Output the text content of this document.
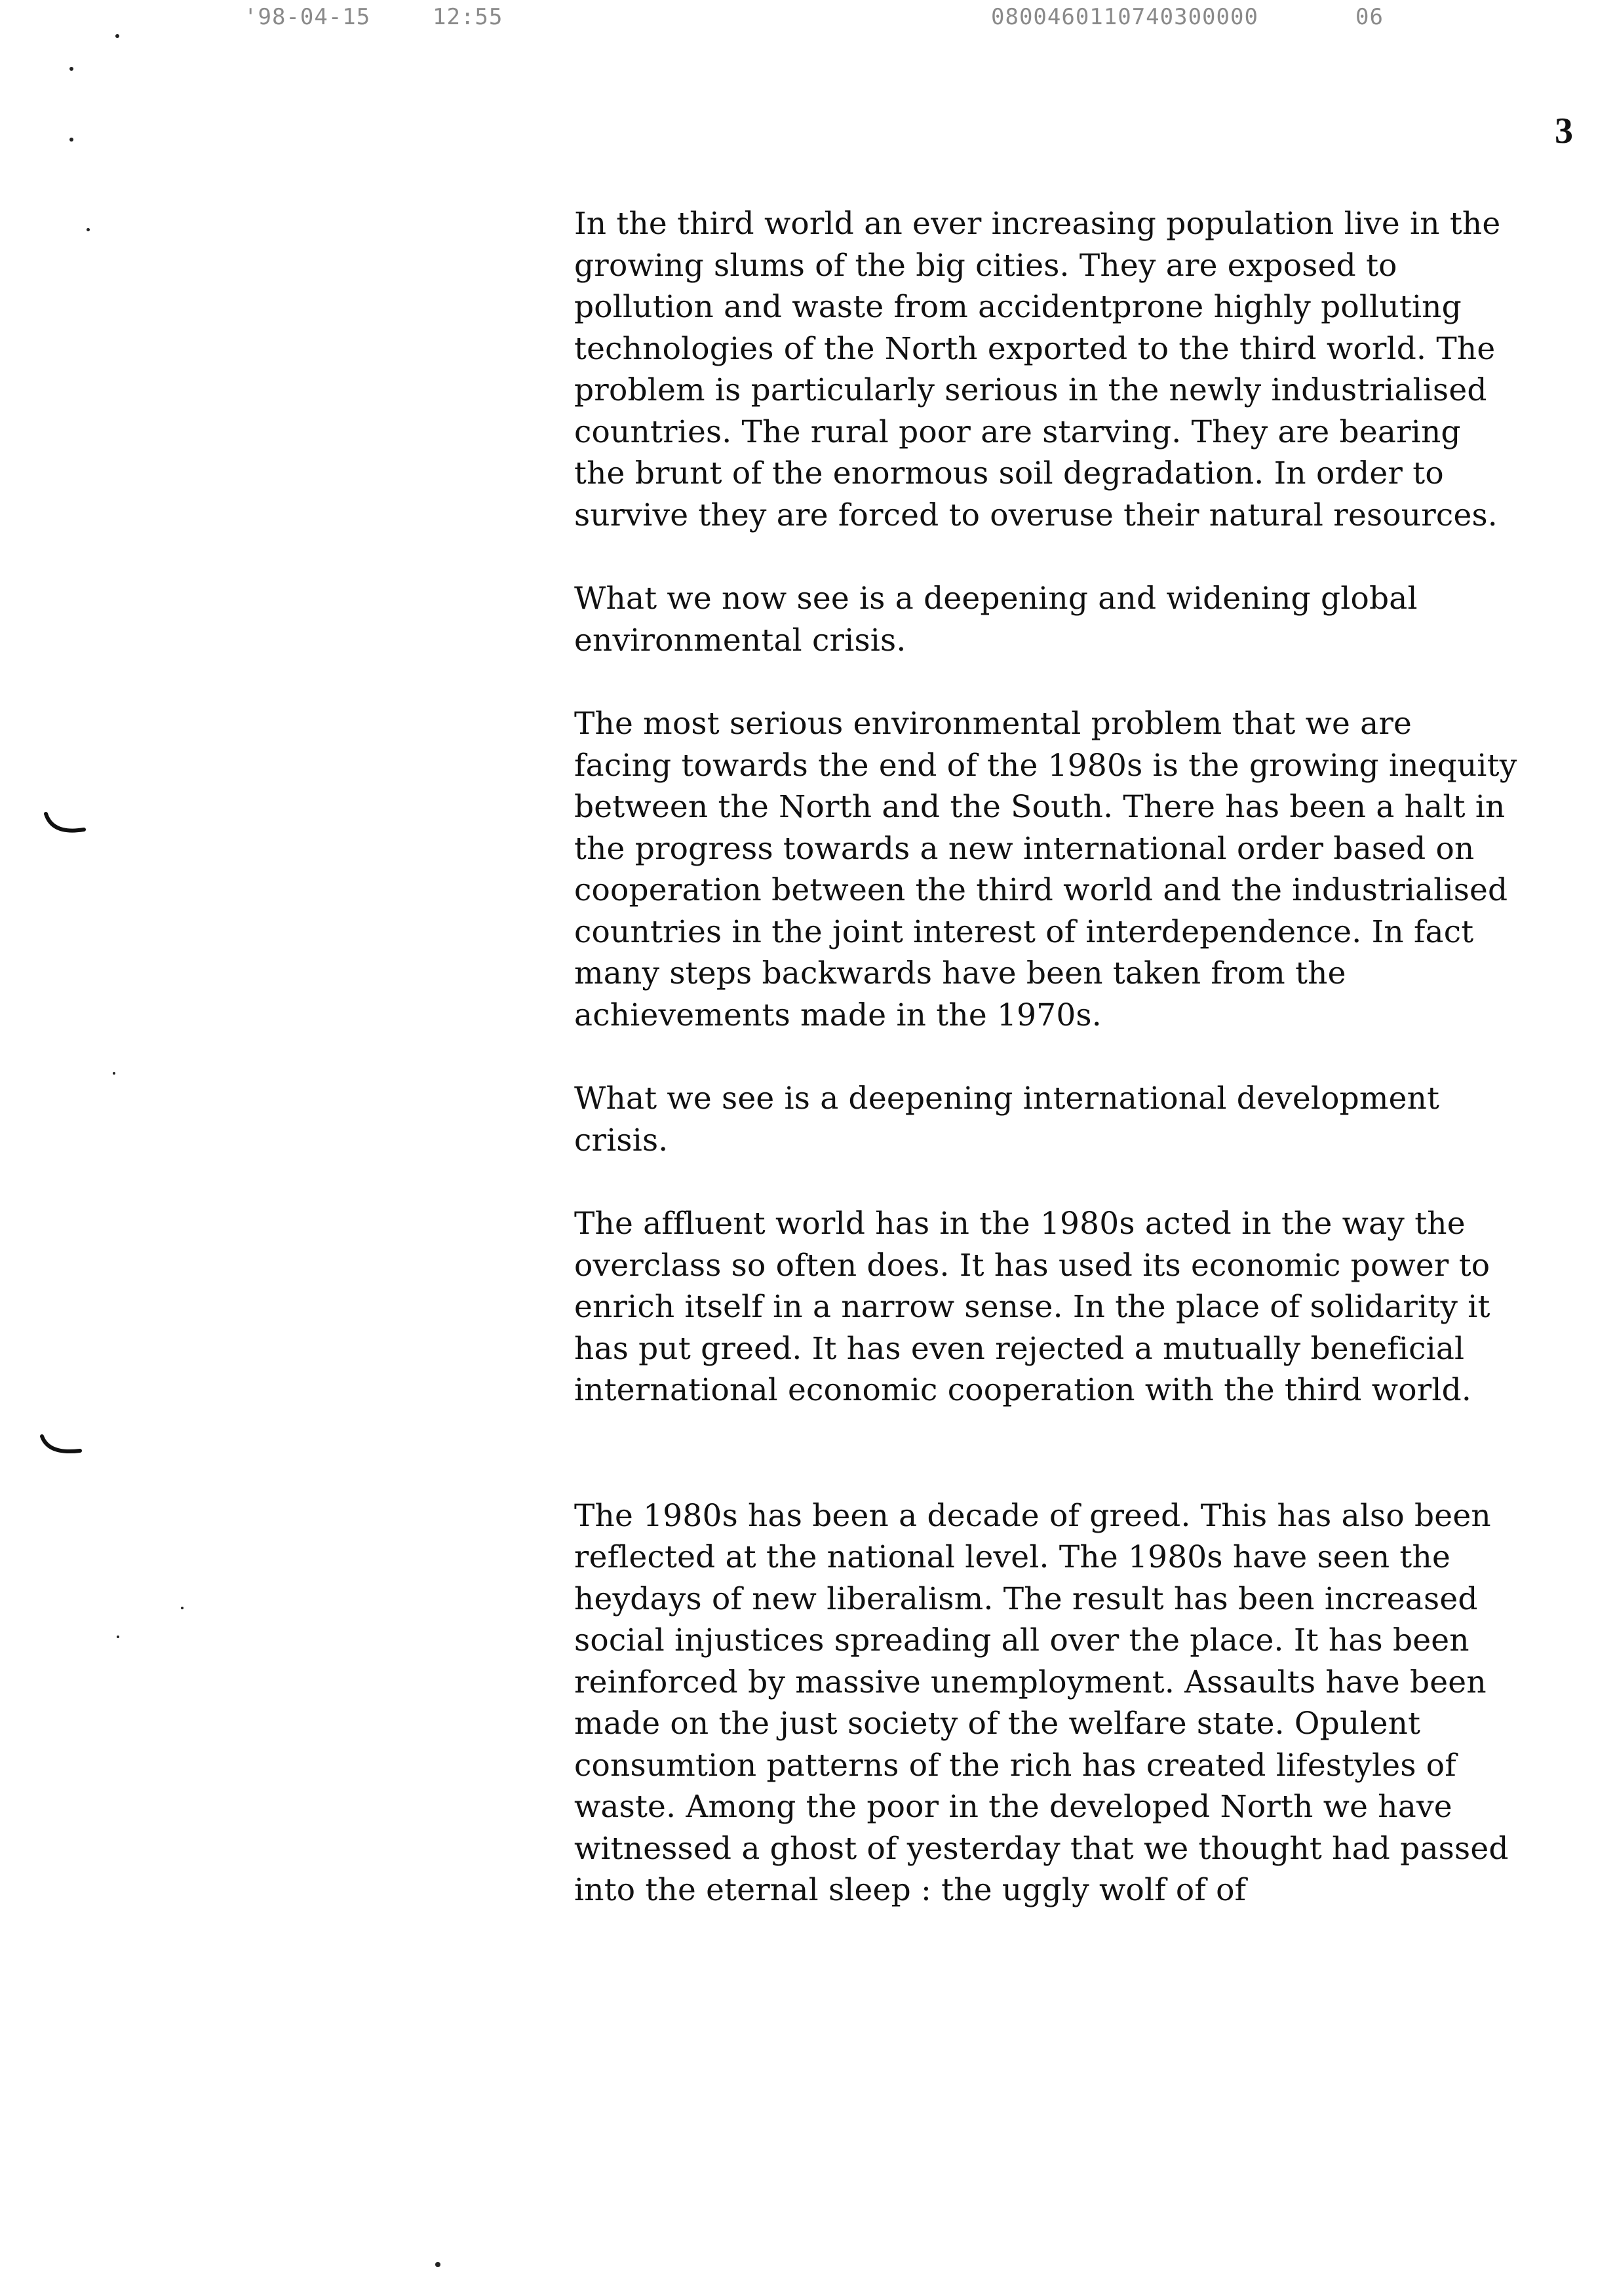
'98-04-15	12:55	0800460110740300000	06
3

In the third world an ever increasing population live in the growing slums of the big cities. They are exposed to pollution and waste from accidentprone highly polluting technologies of the North exported to the third world. The problem is particularly serious in the newly industrialised countries. The rural poor are starving. They are bearing the brunt of the enormous soil degradation. In order to survive they are forced to overuse their natural resources.

What we now see is a deepening and widening global environmental crisis.

The most serious environmental problem that we are facing towards the end of the 1980s is the growing inequity between the North and the South. There has been a halt in the progress towards a new international order based on cooperation between the third world and the industrialised countries in the joint interest of interdependence. In fact many steps backwards have been taken from the achievements made in the 1970s.

What we see is a deepening international development crisis.

The affluent world has in the 1980s acted in the way the overclass so often does. It has used its economic power to enrich itself in a narrow sense. In the place of solidarity it has put greed. It has even rejected a mutually beneficial international economic cooperation with the third world.

The 1980s has been a decade of greed. This has also been reflected at the national level. The 1980s have seen the heydays of new liberalism. The result has been increased social injustices spreading all over the place. It has been reinforced by massive unemployment. Assaults have been made on the just society of the welfare state. Opulent consumtion patterns of the rich has created lifestyles of waste. Among the poor in the developed North we have witnessed a ghost of yesterday that we thought had passed into the eternal sleep : the uggly wolf of of
